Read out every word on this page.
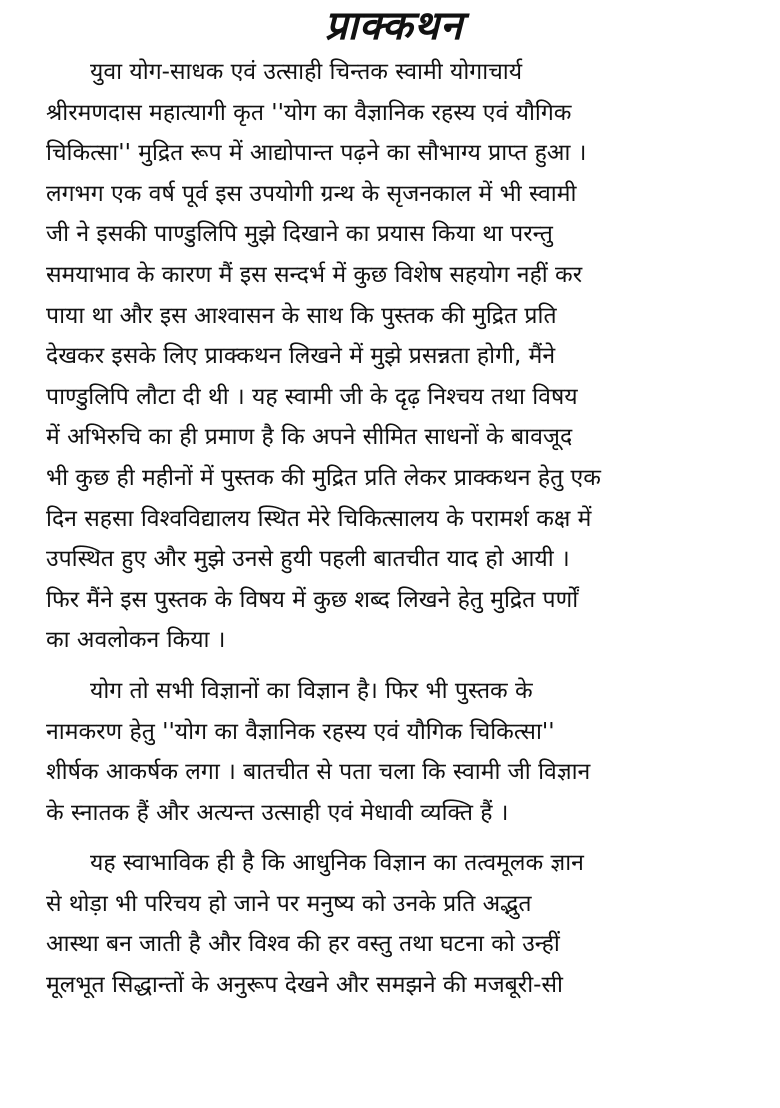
प्राक्कथन
युवा योग-साधक एवं उत्साही चिन्तक स्वामी योगाचार्य
श्रीरमणदास महात्यागी कृत ''योग का वैज्ञानिक रहस्य एवं यौगिक
चिकित्सा'' मुद्रित रूप में आद्योपान्त पढ़ने का सौभाग्य प्राप्त हुआ ।
लगभग एक वर्ष पूर्व इस उपयोगी ग्रन्थ के सृजनकाल में भी स्वामी
जी ने इसकी पाण्डुलिपि मुझे दिखाने का प्रयास किया था परन्तु
समयाभाव के कारण मैं इस सन्दर्भ में कुछ विशेष सहयोग नहीं कर
पाया था और इस आश्वासन के साथ कि पुस्तक की मुद्रित प्रति
देखकर इसके लिए प्राक्कथन लिखने में मुझे प्रसन्नता होगी, मैंने
पाण्डुलिपि लौटा दी थी । यह स्वामी जी के दृढ़ निश्चय तथा विषय
में अभिरुचि का ही प्रमाण है कि अपने सीमित साधनों के बावजूद
भी कुछ ही महीनों में पुस्तक की मुद्रित प्रति लेकर प्राक्कथन हेतु एक
दिन सहसा विश्वविद्यालय स्थित मेरे चिकित्सालय के परामर्श कक्ष में
उपस्थित हुए और मुझे उनसे हुयी पहली बातचीत याद हो आयी ।
फिर मैंने इस पुस्तक के विषय में कुछ शब्द लिखने हेतु मुद्रित पर्णों
का अवलोकन किया ।
योग तो सभी विज्ञानों का विज्ञान है। फिर भी पुस्तक के
नामकरण हेतु ''योग का वैज्ञानिक रहस्य एवं यौगिक चिकित्सा''
शीर्षक आकर्षक लगा । बातचीत से पता चला कि स्वामी जी विज्ञान
के स्नातक हैं और अत्यन्त उत्साही एवं मेधावी व्यक्ति हैं ।
यह स्वाभाविक ही है कि आधुनिक विज्ञान का तत्वमूलक ज्ञान
से थोड़ा भी परिचय हो जाने पर मनुष्य को उनके प्रति अद्भुत
आस्था बन जाती है और विश्व की हर वस्तु तथा घटना को उन्हीं
मूलभूत सिद्धान्तों के अनुरूप देखने और समझने की मजबूरी-सी
